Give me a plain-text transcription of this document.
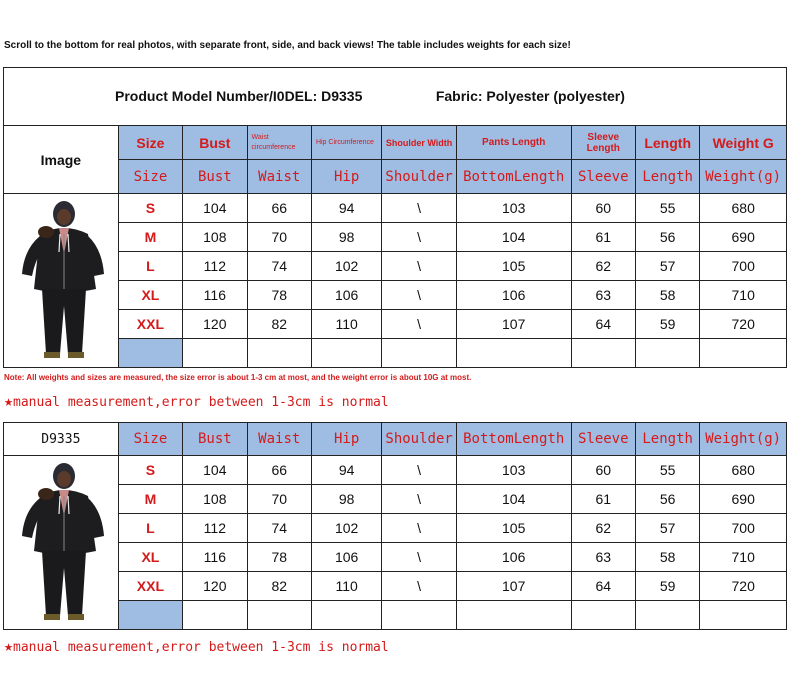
Scroll to the bottom for real photos, with separate front, side, and back views! The table includes weights for each size!
Product Model Number/I0DEL: D9335 Fabric: Polyester (polyester)									
Image	Size	Bust	Waist circumference	Hip Circumference	Shoulder Width	Pants Length	Sleeve Length	Length	Weight G
	Size	Bust	Waist	Hip	Shoulder	BottomLength	Sleeve	Length	Weight(g)

	S	104	66	94	\	103	60	55	680
	M	108	70	98	\	104	61	56	690
	L	112	74	102	\	105	62	57	700
	XL	116	78	106	\	106	63	58	710
	XXL	120	82	110	\	107	64	59	720

Note: All weights and sizes are measured, the size error is about 1-3 cm at most, and the weight error is about 10G at most.
★manual measurement,error between 1-3cm is normal
D9335	Size	Bust	Waist	Hip	Shoulder	BottomLength	Sleeve	Length	Weight(g)

	S	104	66	94	\	103	60	55	680
	M	108	70	98	\	104	61	56	690
	L	112	74	102	\	105	62	57	700
	XL	116	78	106	\	106	63	58	710
	XXL	120	82	110	\	107	64	59	720

★manual measurement,error between 1-3cm is normal
